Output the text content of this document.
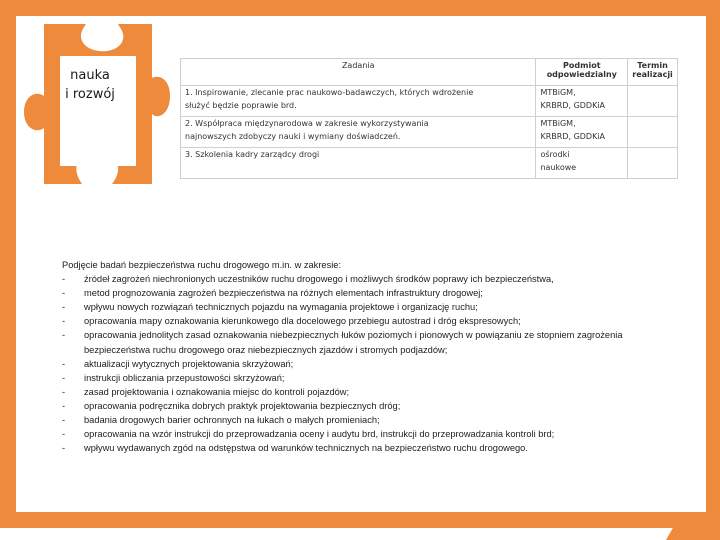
nauka
i rozwój
Zadania	Podmiot odpowiedzialny	Termin realizacji

1. Inspirowanie, zlecanie prac naukowo-badawczych, których wdrożenie
służyć będzie poprawie brd.	MTBiGM,
KRBRD, GDDKiA	

2. Współpraca międzynarodowa w zakresie wykorzystywania
najnowszych zdobyczy nauki i wymiany doświadczeń.	MTBiGM,
KRBRD, GDDKiA	

3. Szkolenia kadry zarządcy drogi	ośrodki
naukowe	

Podjęcie badań bezpieczeństwa ruchu drogowego m.in. w zakresie:
- źródeł zagrożeń niechronionych uczestników ruchu drogowego i możliwych środków poprawy ich bezpieczeństwa,
- metod prognozowania zagrożeń bezpieczeństwa na różnych elementach infrastruktury drogowej;
- wpływu nowych rozwiązań technicznych pojazdu na wymagania projektowe i organizację ruchu;
- opracowania mapy oznakowania kierunkowego dla docelowego przebiegu autostrad i dróg ekspresowych;
- opracowania jednolitych zasad oznakowania niebezpiecznych łuków poziomych i pionowych w powiązaniu ze stopniem zagrożenia bezpieczeństwa ruchu drogowego oraz niebezpiecznych zjazdów i stromych podjazdów;
- aktualizacji wytycznych projektowania skrzyżowań;
- instrukcji obliczania przepustowości skrzyżowań;
- zasad projektowania i oznakowania miejsc do kontroli pojazdów;
- opracowania podręcznika dobrych praktyk projektowania bezpiecznych dróg;
- badania drogowych barier ochronnych na łukach o małych promieniach;
- opracowania na wzór instrukcji do przeprowadzania oceny i audytu brd, instrukcji do przeprowadzania kontroli brd;
- wpływu wydawanych zgód na odstępstwa od warunków technicznych na bezpieczeństwo ruchu drogowego.
